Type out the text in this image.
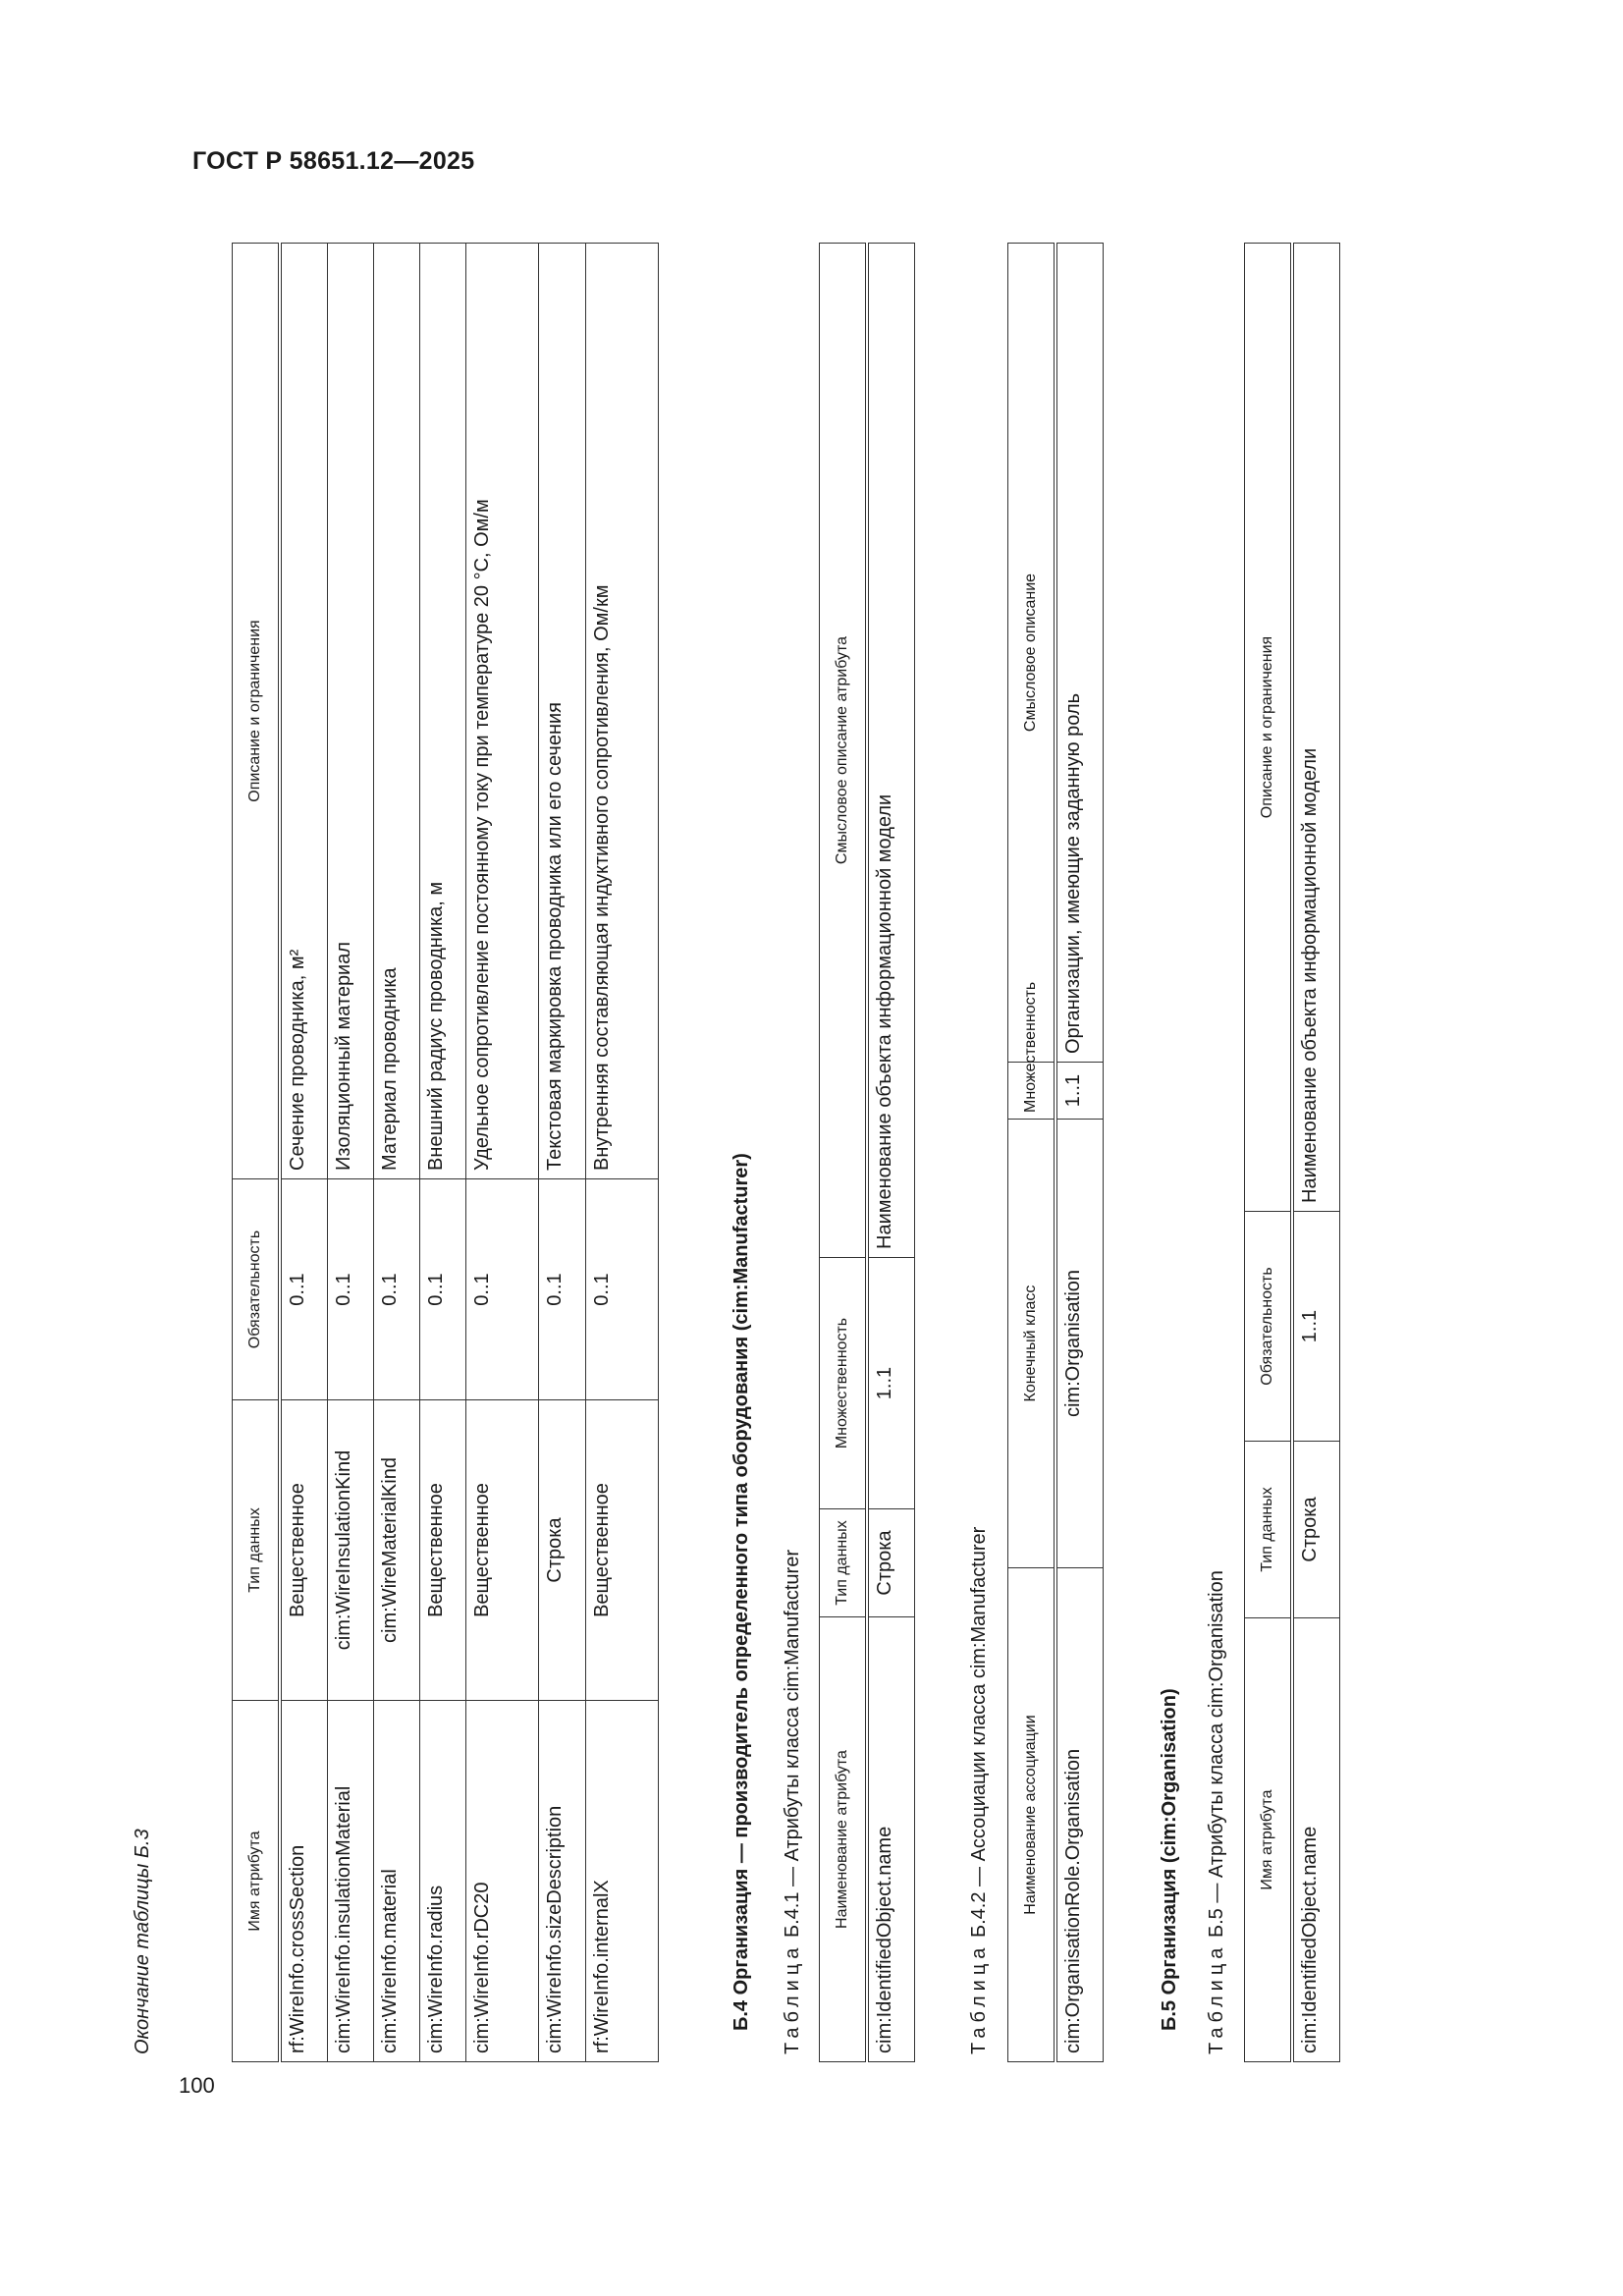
ГОСТ Р 58651.12—2025
100
Окончание таблицы Б.3	Имя атрибута	Тип данных	Обязательность	Описание и ограничения
rf:WireInfo.crossSection	Вещественное	0..1	Сечение проводника, м²
cim:WireInfo.insulationMaterial	cim:WireInsulationKind	0..1	Изоляционный материал
cim:WireInfo.material	cim:WireMaterialKind	0..1	Материал проводника
cim:WireInfo.radius	Вещественное	0..1	Внешний радиус проводника, м
cim:WireInfo.rDC20	Вещественное	0..1	Удельное сопротивление постоянному току при температуре 20 °С, Ом/м
cim:WireInfo.sizeDescription	Строка	0..1	Текстовая маркировка проводника или его сечения
rf:WireInfo.internalX	Вещественное	0..1	Внутренняя составляющая индуктивного сопротивления, Ом/км
Б.4 Организация — производитель определенного типа оборудования (cim:Manufacturer) Таблица Б.4.1 — Атрибуты класса cim:Manufacturer Наименование атрибута	Тип данных	Множественность	Смысловое описание атрибута
cim:IdentifiedObject.name	Строка	1..1	Наименование объекта информационной модели
Таблица Б.4.2 — Ассоциации класса cim:Manufacturer Наименование ассоциации	Конечный класс	Множественность	Смысловое описание
cim:OrganisationRole.Organisation	cim:Organisation	1..1	Организации, имеющие заданную роль
Б.5 Организация (cim:Organisation) Таблица Б.5 — Атрибуты класса cim:Organisation Имя атрибута	Тип данных	Обязательность	Описание и ограничения
cim:IdentifiedObject.name	Строка	1..1	Наименование объекта информационной модели
